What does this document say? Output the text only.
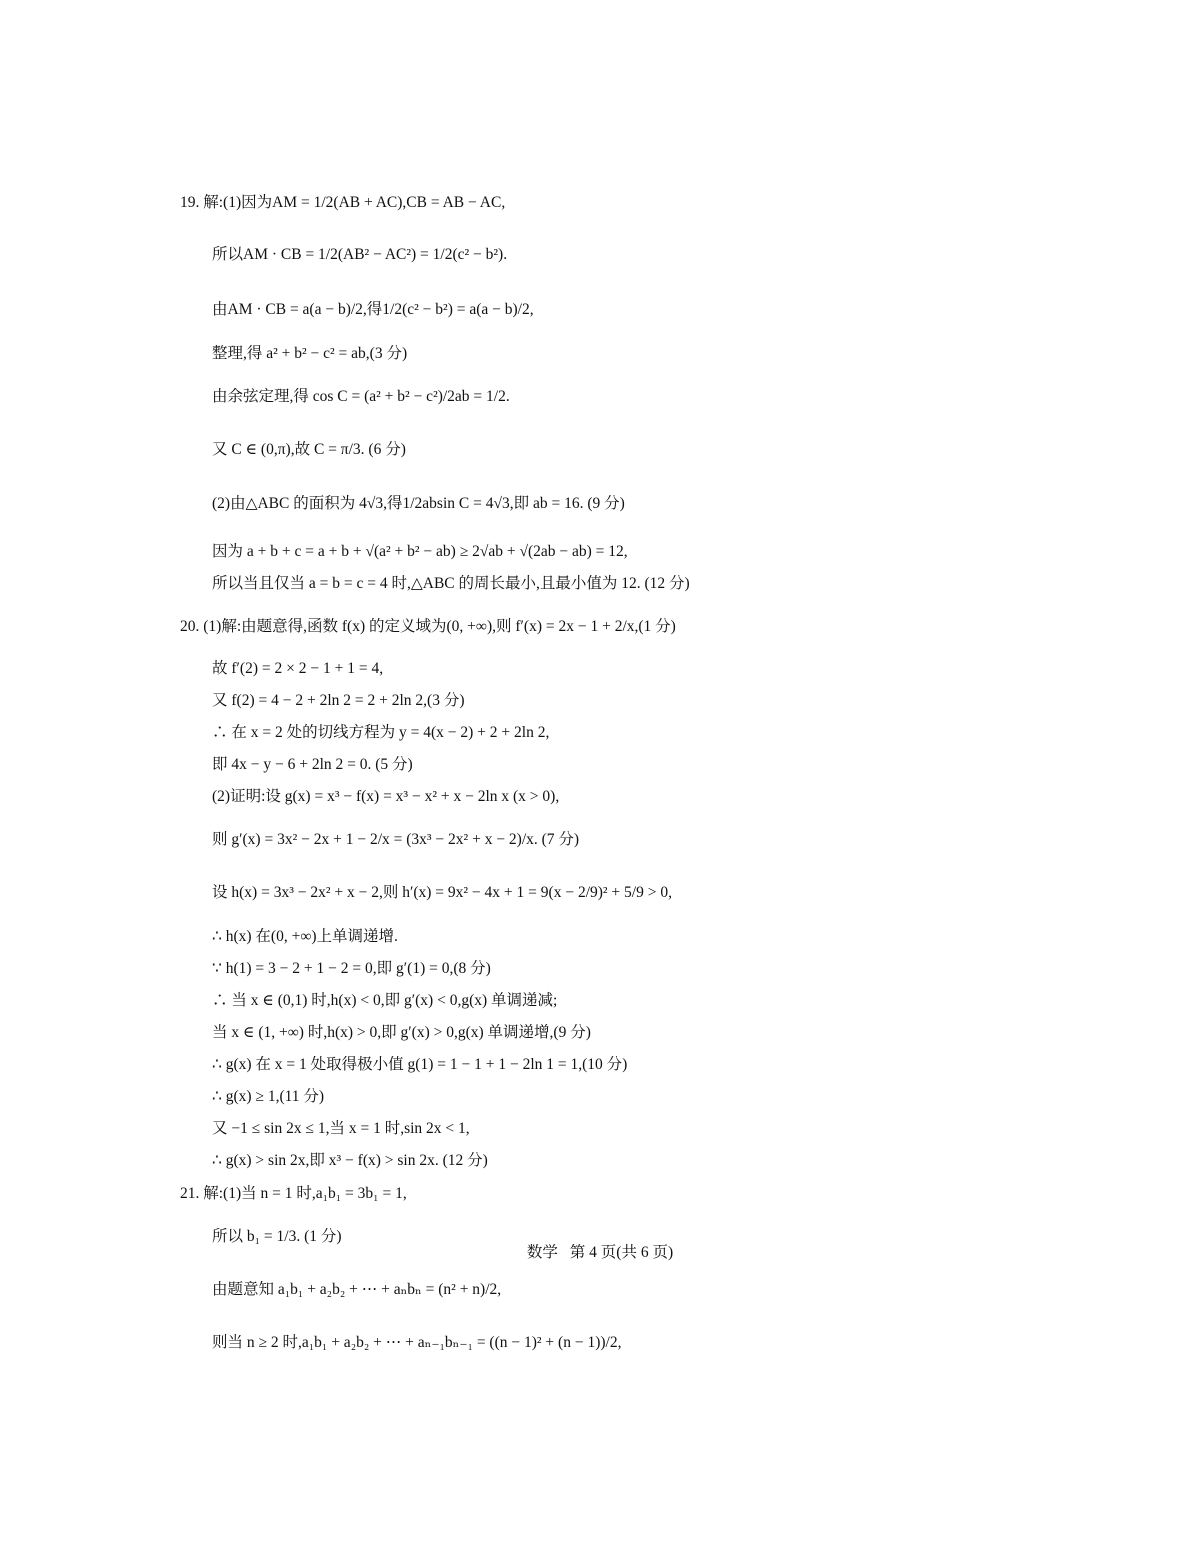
19. 解:(1)因为AM = 1/2(AB + AC),CB = AB − AC,
所以AM · CB = 1/2(AB² − AC²) = 1/2(c² − b²).
由AM · CB = a(a − b)/2,得1/2(c² − b²) = a(a − b)/2,
整理,得 a² + b² − c² = ab,(3 分)
由余弦定理,得 cos C = (a² + b² − c²)/2ab = 1/2.
又 C ∈ (0,π),故 C = π/3. (6 分)
(2)由△ABC 的面积为 4√3,得1/2absin C = 4√3,即 ab = 16. (9 分)
因为 a + b + c = a + b + √(a² + b² − ab) ≥ 2√ab + √(2ab − ab) = 12,
所以当且仅当 a = b = c = 4 时,△ABC 的周长最小,且最小值为 12. (12 分)
20. (1)解:由题意得,函数 f(x) 的定义域为(0, +∞),则 f′(x) = 2x − 1 + 2/x,(1 分)
故 f′(2) = 2 × 2 − 1 + 1 = 4,
又 f(2) = 4 − 2 + 2ln 2 = 2 + 2ln 2,(3 分)
∴ 在 x = 2 处的切线方程为 y = 4(x − 2) + 2 + 2ln 2,
即 4x − y − 6 + 2ln 2 = 0. (5 分)
(2)证明:设 g(x) = x³ − f(x) = x³ − x² + x − 2ln x (x > 0),
则 g′(x) = 3x² − 2x + 1 − 2/x = (3x³ − 2x² + x − 2)/x. (7 分)
设 h(x) = 3x³ − 2x² + x − 2,则 h′(x) = 9x² − 4x + 1 = 9(x − 2/9)² + 5/9 > 0,
∴ h(x) 在(0, +∞)上单调递增.
∵ h(1) = 3 − 2 + 1 − 2 = 0,即 g′(1) = 0,(8 分)
∴ 当 x ∈ (0,1) 时,h(x) < 0,即 g′(x) < 0,g(x) 单调递减;
当 x ∈ (1, +∞) 时,h(x) > 0,即 g′(x) > 0,g(x) 单调递增,(9 分)
∴ g(x) 在 x = 1 处取得极小值 g(1) = 1 − 1 + 1 − 2ln 1 = 1,(10 分)
∴ g(x) ≥ 1,(11 分)
又 −1 ≤ sin 2x ≤ 1,当 x = 1 时,sin 2x < 1,
∴ g(x) > sin 2x,即 x³ − f(x) > sin 2x. (12 分)
21. 解:(1)当 n = 1 时,a₁b₁ = 3b₁ = 1,
所以 b₁ = 1/3. (1 分)
由题意知 a₁b₁ + a₂b₂ + ⋯ + aₙbₙ = (n² + n)/2,
则当 n ≥ 2 时,a₁b₁ + a₂b₂ + ⋯ + aₙ₋₁bₙ₋₁ = ((n − 1)² + (n − 1))/2,
数学 第 4 页(共 6 页)
